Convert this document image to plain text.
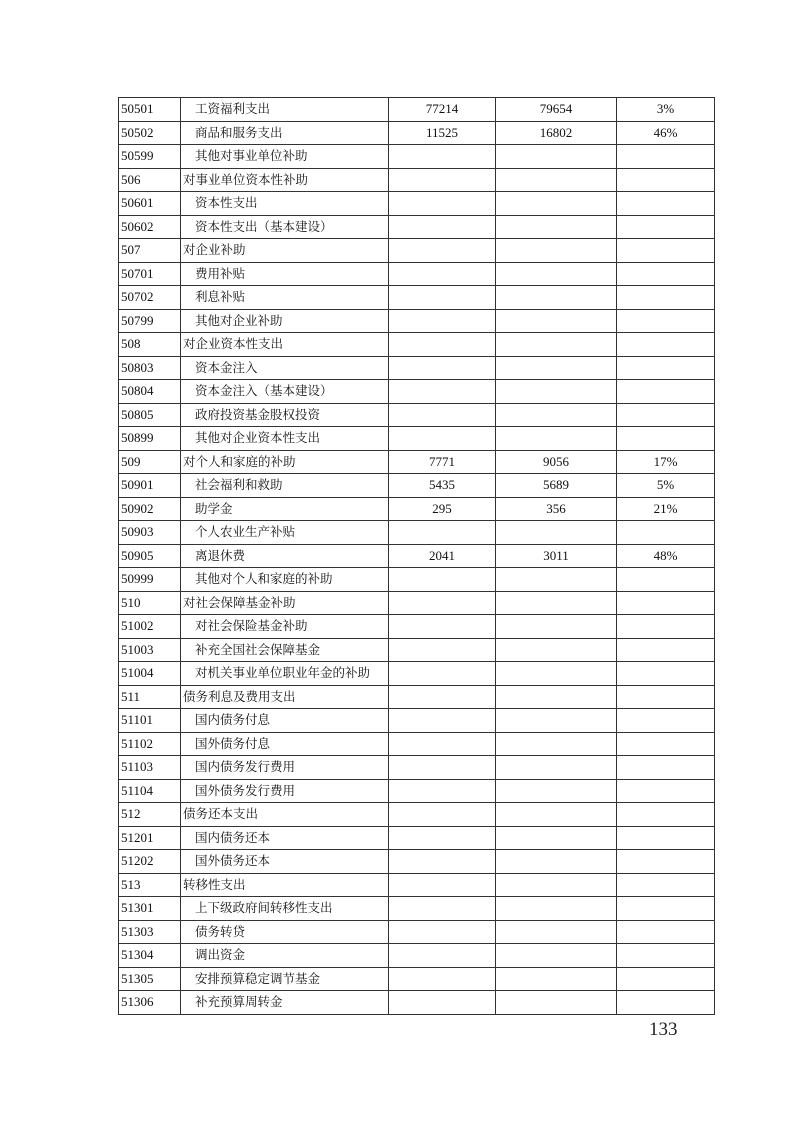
50501	工资福利支出	77214	79654	3%
50502	商品和服务支出	11525	16802	46%
50599	其他对事业单位补助			
506	对事业单位资本性补助			
50601	资本性支出			
50602	资本性支出（基本建设）			
507	对企业补助			
50701	费用补贴			
50702	利息补贴			
50799	其他对企业补助			
508	对企业资本性支出			
50803	资本金注入			
50804	资本金注入（基本建设）			
50805	政府投资基金股权投资			
50899	其他对企业资本性支出			
509	对个人和家庭的补助	7771	9056	17%
50901	社会福利和救助	5435	5689	5%
50902	助学金	295	356	21%
50903	个人农业生产补贴			
50905	离退休费	2041	3011	48%
50999	其他对个人和家庭的补助			
510	对社会保障基金补助			
51002	对社会保险基金补助			
51003	补充全国社会保障基金			
51004	对机关事业单位职业年金的补助			
511	债务利息及费用支出			
51101	国内债务付息			
51102	国外债务付息			
51103	国内债务发行费用			
51104	国外债务发行费用			
512	债务还本支出			
51201	国内债务还本			
51202	国外债务还本			
513	转移性支出			
51301	上下级政府间转移性支出			
51303	债务转贷			
51304	调出资金			
51305	安排预算稳定调节基金			
51306	补充预算周转金			
133
